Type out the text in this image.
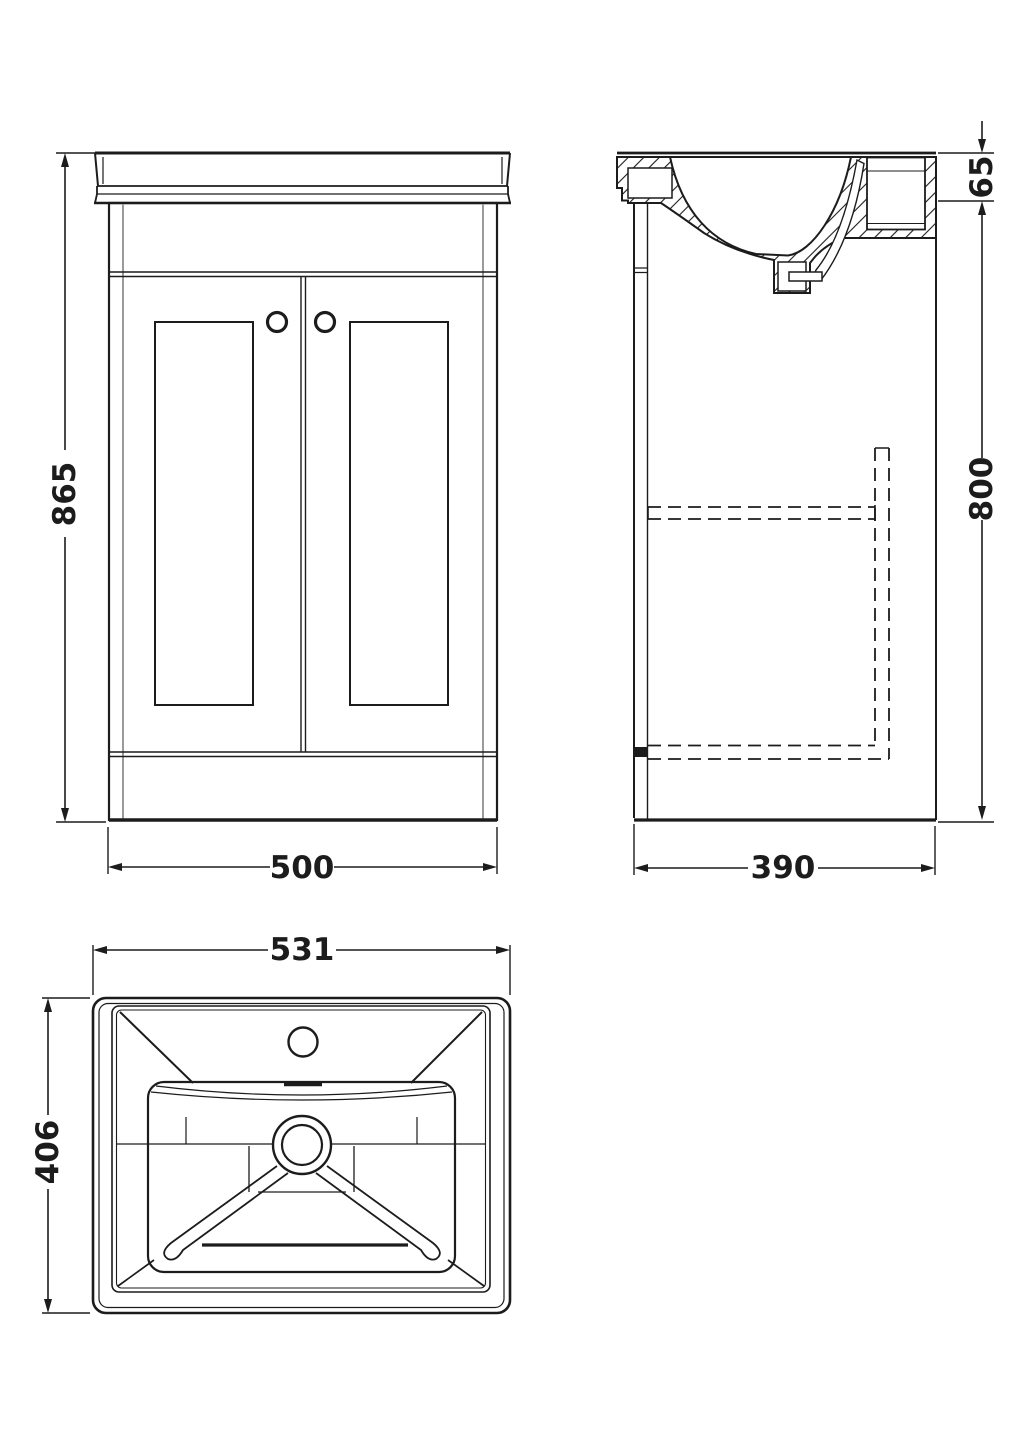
865
500
65
800
390
531
406
